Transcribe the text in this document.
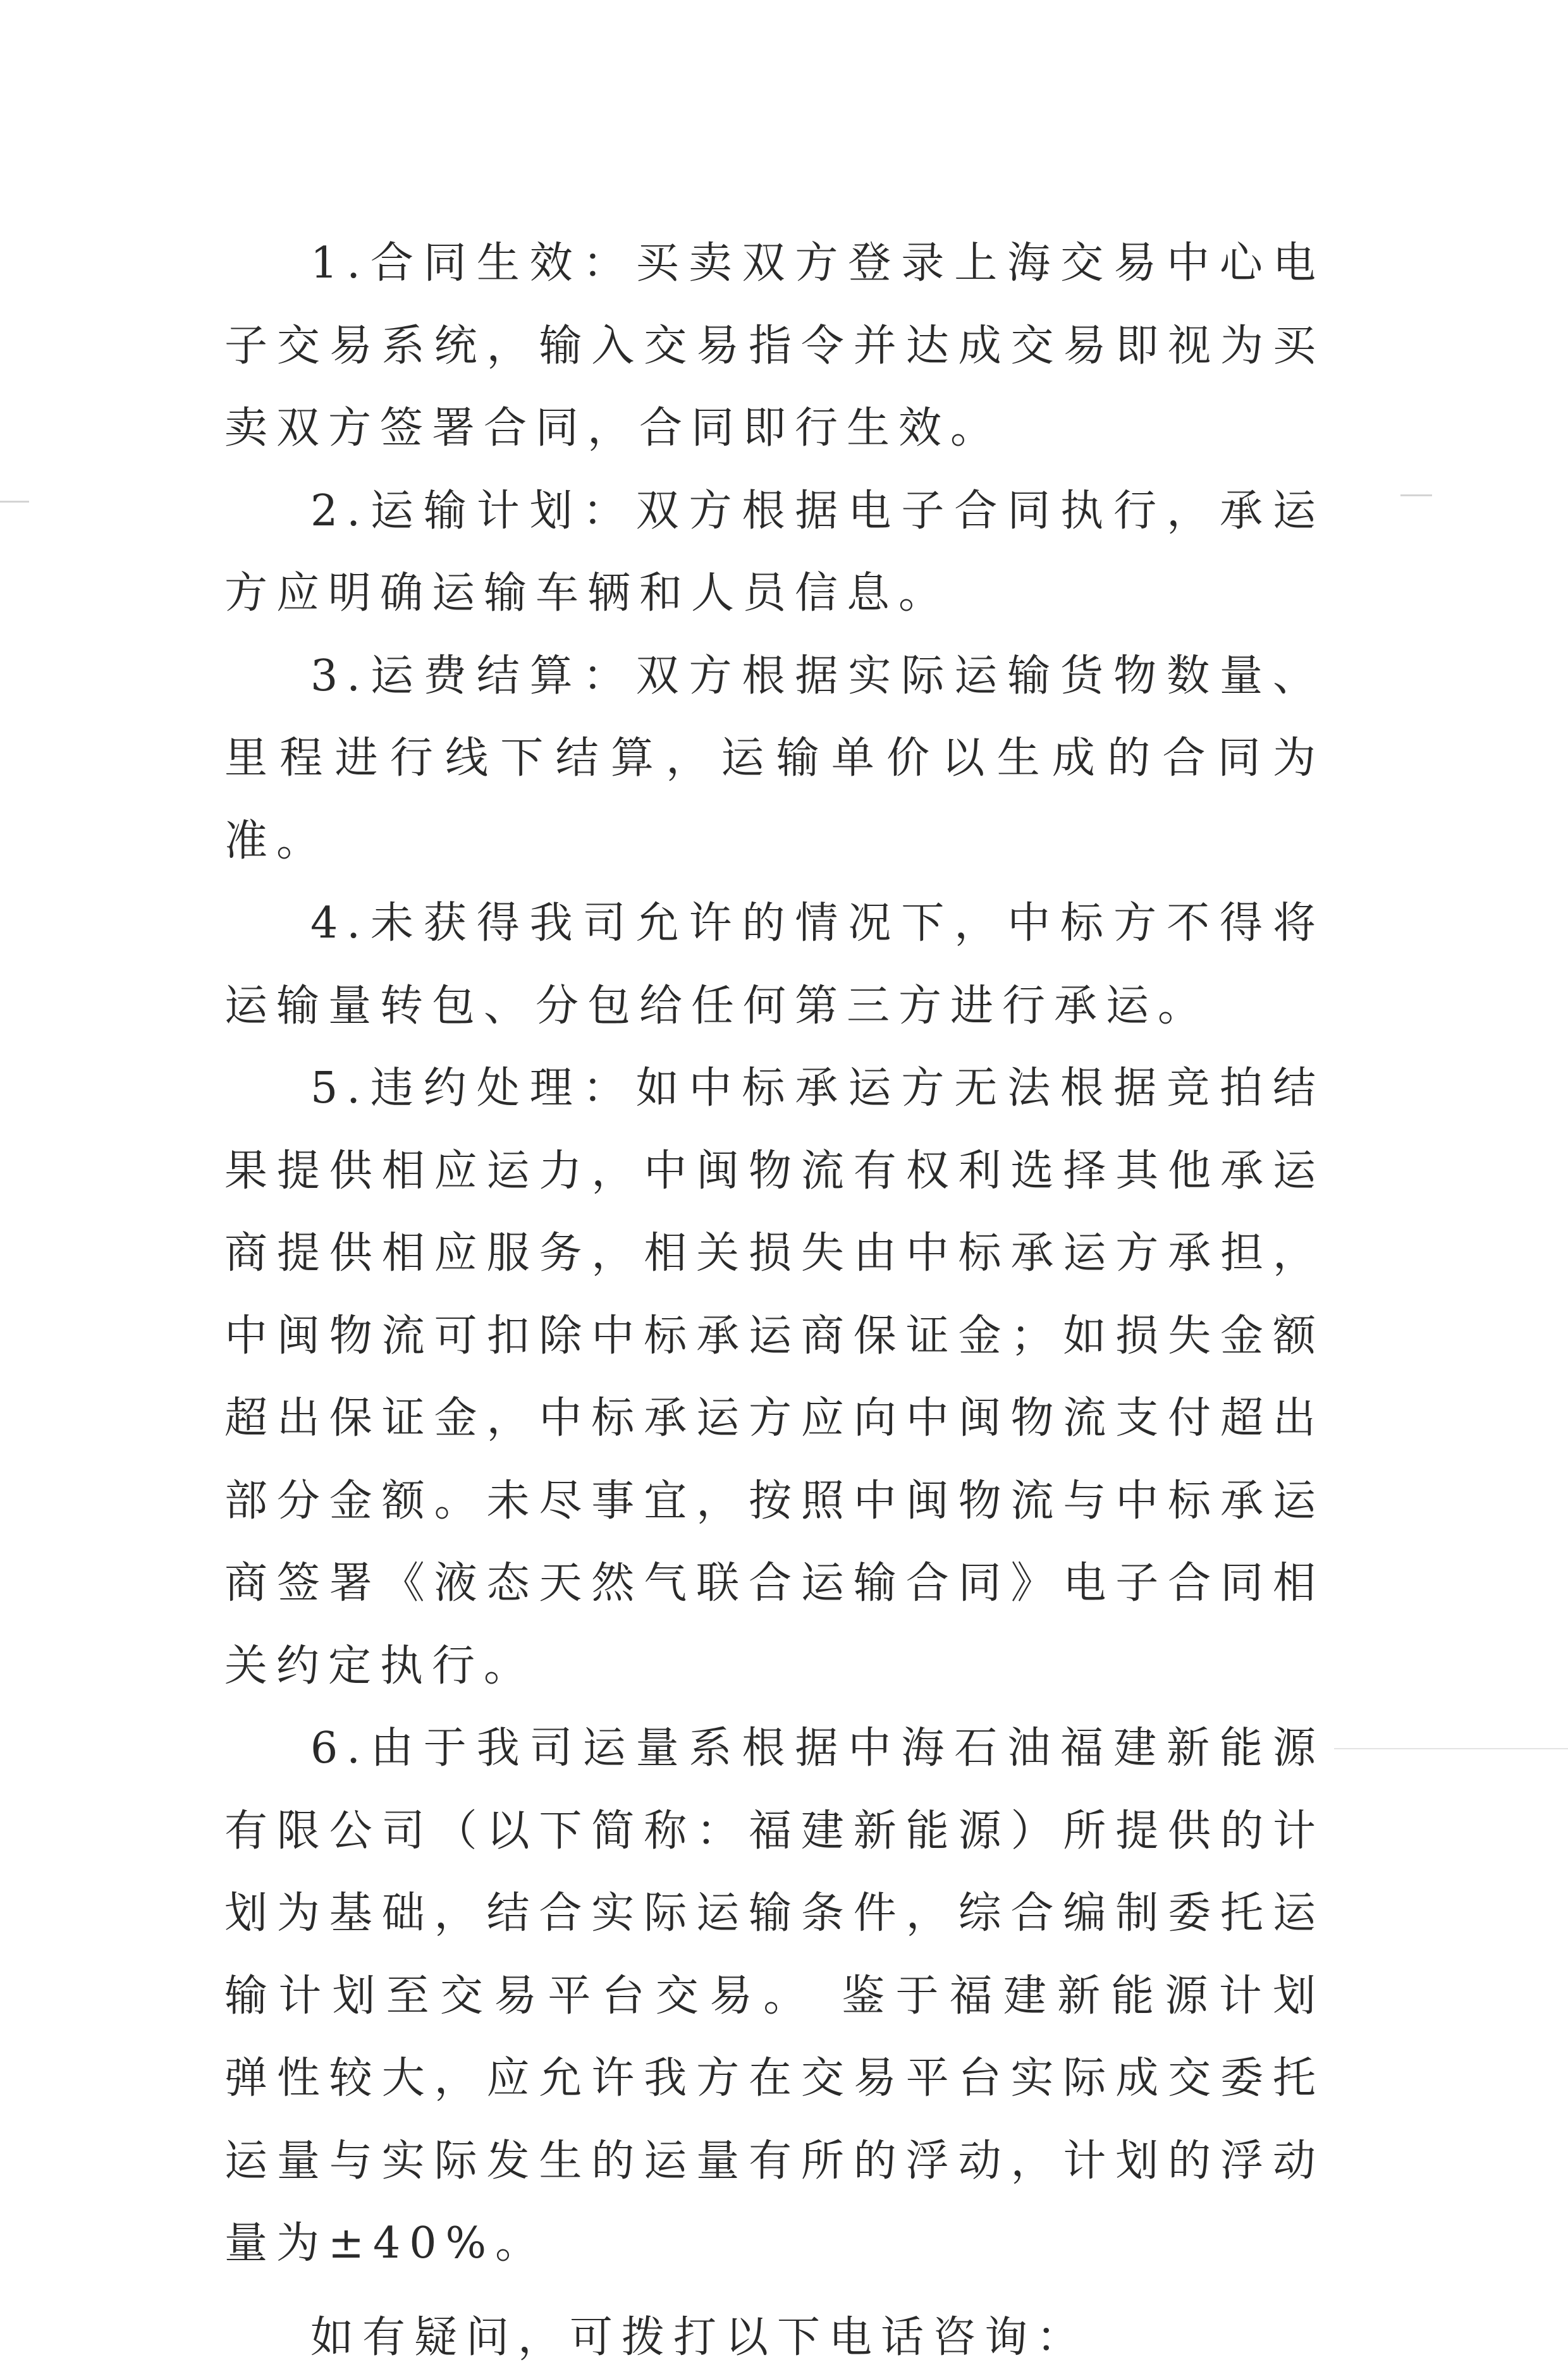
1.合同生效：买卖双方登录上海交易中心电子交易系统，输入交易指令并达成交易即视为买卖双方签署合同，合同即行生效。

2.运输计划：双方根据电子合同执行，承运方应明确运输车辆和人员信息。

3.运费结算：双方根据实际运输货物数量、里程进行线下结算，运输单价以生成的合同为准。

4.未获得我司允许的情况下，中标方不得将运输量转包、分包给任何第三方进行承运。

5.违约处理：如中标承运方无法根据竞拍结果提供相应运力，中闽物流有权利选择其他承运商提供相应服务，相关损失由中标承运方承担，中闽物流可扣除中标承运商保证金；如损失金额超出保证金，中标承运方应向中闽物流支付超出部分金额。未尽事宜，按照中闽物流与中标承运商签署《液态天然气联合运输合同》电子合同相关约定执行。

6.由于我司运量系根据中海石油福建新能源有限公司（以下简称：福建新能源）所提供的计划为基础，结合实际运输条件，综合编制委托运输计划至交易平台交易。 鉴于福建新能源计划弹性较大，应允许我方在交易平台实际成交委托运量与实际发生的运量有所的浮动，计划的浮动量为±40%。

如有疑问，可拨打以下电话咨询：
